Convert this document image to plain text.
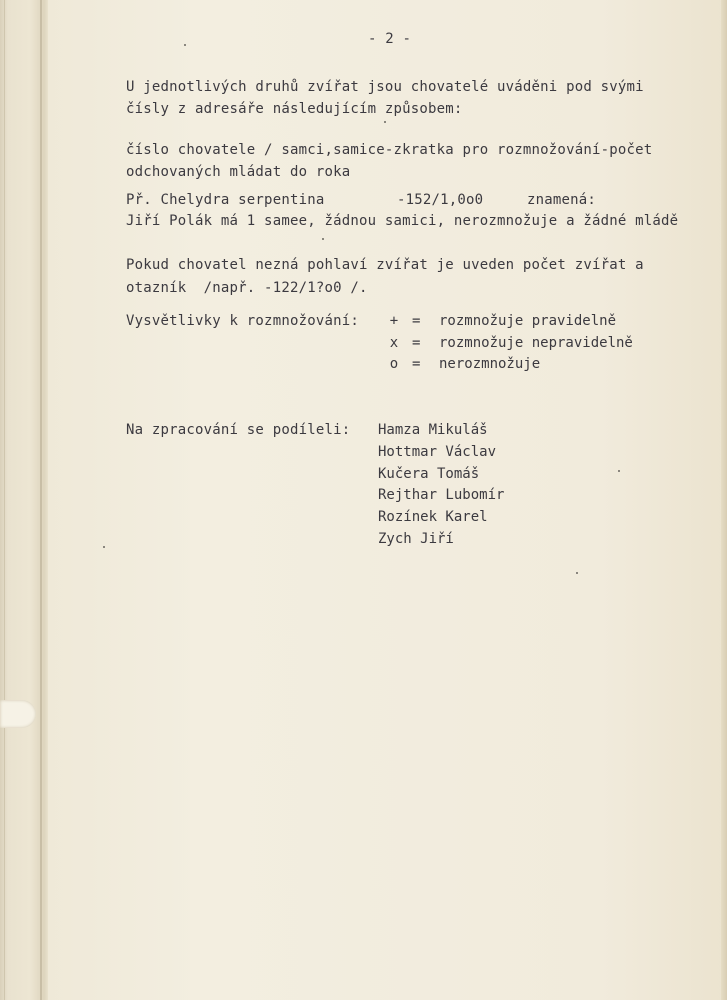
- 2 -
U jednotlivých druhů zvířat jsou chovatelé uváděni pod svými
čísly z adresáře následujícím způsobem:
číslo chovatele / samci,samice-zkratka pro rozmnožování-počet
odchovaných mládat do roka
Př. Chelydra serpentina	-152/1,0o0	znamená:
Jiří Polák má 1 samee, žádnou samici, nerozmnožuje a žádné mládě
Pokud chovatel nezná pohlaví zvířat je uveden počet zvířat a
otazník  /např. -122/1?o0 /.
Vysvětlivky k rozmnožování: + = rozmnožuje pravidelně
x = rozmnožuje nepravidelně
o = nerozmnožuje
Na zpracování se podíleli: Hamza Mikuláš
Hottmar Václav
Kučera Tomáš
Rejthar Lubomír
Rozínek Karel
Zych Jiří
